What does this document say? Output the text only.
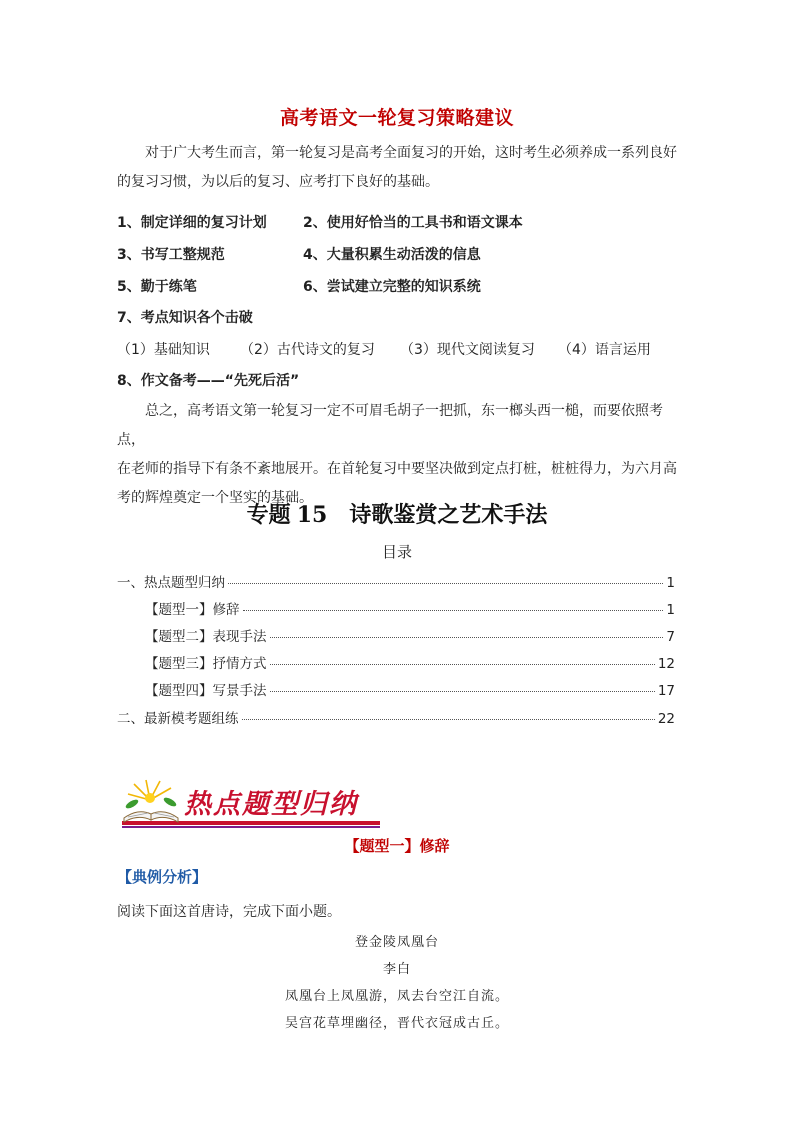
高考语文一轮复习策略建议
对于广大考生而言，第一轮复习是高考全面复习的开始，这时考生必须养成一系列良好
的复习习惯，为以后的复习、应考打下良好的基础。
1、制定详细的复习计划	2、使用好恰当的工具书和语文课本
3、书写工整规范	4、大量积累生动活泼的信息
5、勤于练笔	6、尝试建立完整的知识系统
7、考点知识各个击破
（1）基础知识 （2）古代诗文的复习 （3）现代文阅读复习 （4）语言运用
8、作文备考——“先死后活”
总之，高考语文第一轮复习一定不可眉毛胡子一把抓，东一榔头西一槌，而要依照考点，
在老师的指导下有条不紊地展开。在首轮复习中要坚决做到定点打桩，桩桩得力，为六月高
考的辉煌奠定一个坚实的基础。
专题 15 诗歌鉴赏之艺术手法
目录
一、热点题型归纳	1
【题型一】修辞	1
【题型二】表现手法	7
【题型三】抒情方式	12
【题型四】写景手法	17
二、最新模考题组练	22
热点题型归纳
【题型一】修辞
【典例分析】
阅读下面这首唐诗，完成下面小题。
登金陵凤凰台
李白
凤凰台上凤凰游，凤去台空江自流。
吴宫花草埋幽径，晋代衣冠成古丘。
